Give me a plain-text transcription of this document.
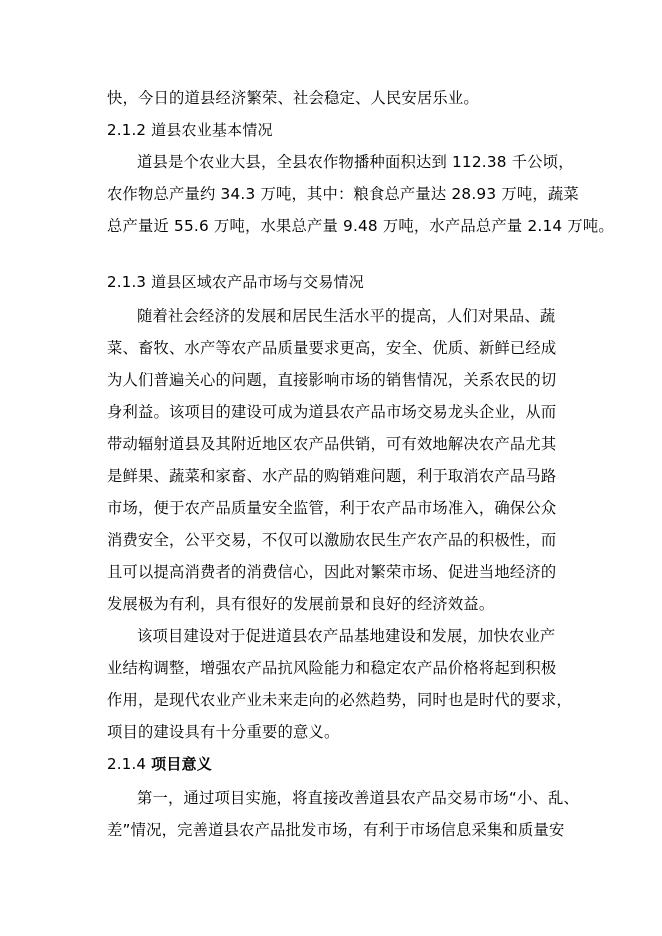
快，今日的道县经济繁荣、社会稳定、人民安居乐业。
2.1.2 道县农业基本情况
道县是个农业大县，全县农作物播种面积达到 112.38 千公顷，
农作物总产量约 34.3 万吨，其中：粮食总产量达 28.93 万吨，蔬菜
总产量近 55.6 万吨，水果总产量 9.48 万吨，水产品总产量 2.14 万吨。
2.1.3 道县区域农产品市场与交易情况
随着社会经济的发展和居民生活水平的提高，人们对果品、蔬
菜、畜牧、水产等农产品质量要求更高，安全、优质、新鲜已经成
为人们普遍关心的问题，直接影响市场的销售情况，关系农民的切
身利益。该项目的建设可成为道县农产品市场交易龙头企业，从而
带动辐射道县及其附近地区农产品供销，可有效地解决农产品尤其
是鲜果、蔬菜和家畜、水产品的购销难问题，利于取消农产品马路
市场，便于农产品质量安全监管，利于农产品市场准入，确保公众
消费安全，公平交易，不仅可以激励农民生产农产品的积极性，而
且可以提高消费者的消费信心，因此对繁荣市场、促进当地经济的
发展极为有利，具有很好的发展前景和良好的经济效益。
该项目建设对于促进道县农产品基地建设和发展，加快农业产
业结构调整，增强农产品抗风险能力和稳定农产品价格将起到积极
作用，是现代农业产业未来走向的必然趋势，同时也是时代的要求，
项目的建设具有十分重要的意义。
2.1.4 项目意义
第一，通过项目实施，将直接改善道县农产品交易市场“小、乱、
差”情况，完善道县农产品批发市场，有利于市场信息采集和质量安
